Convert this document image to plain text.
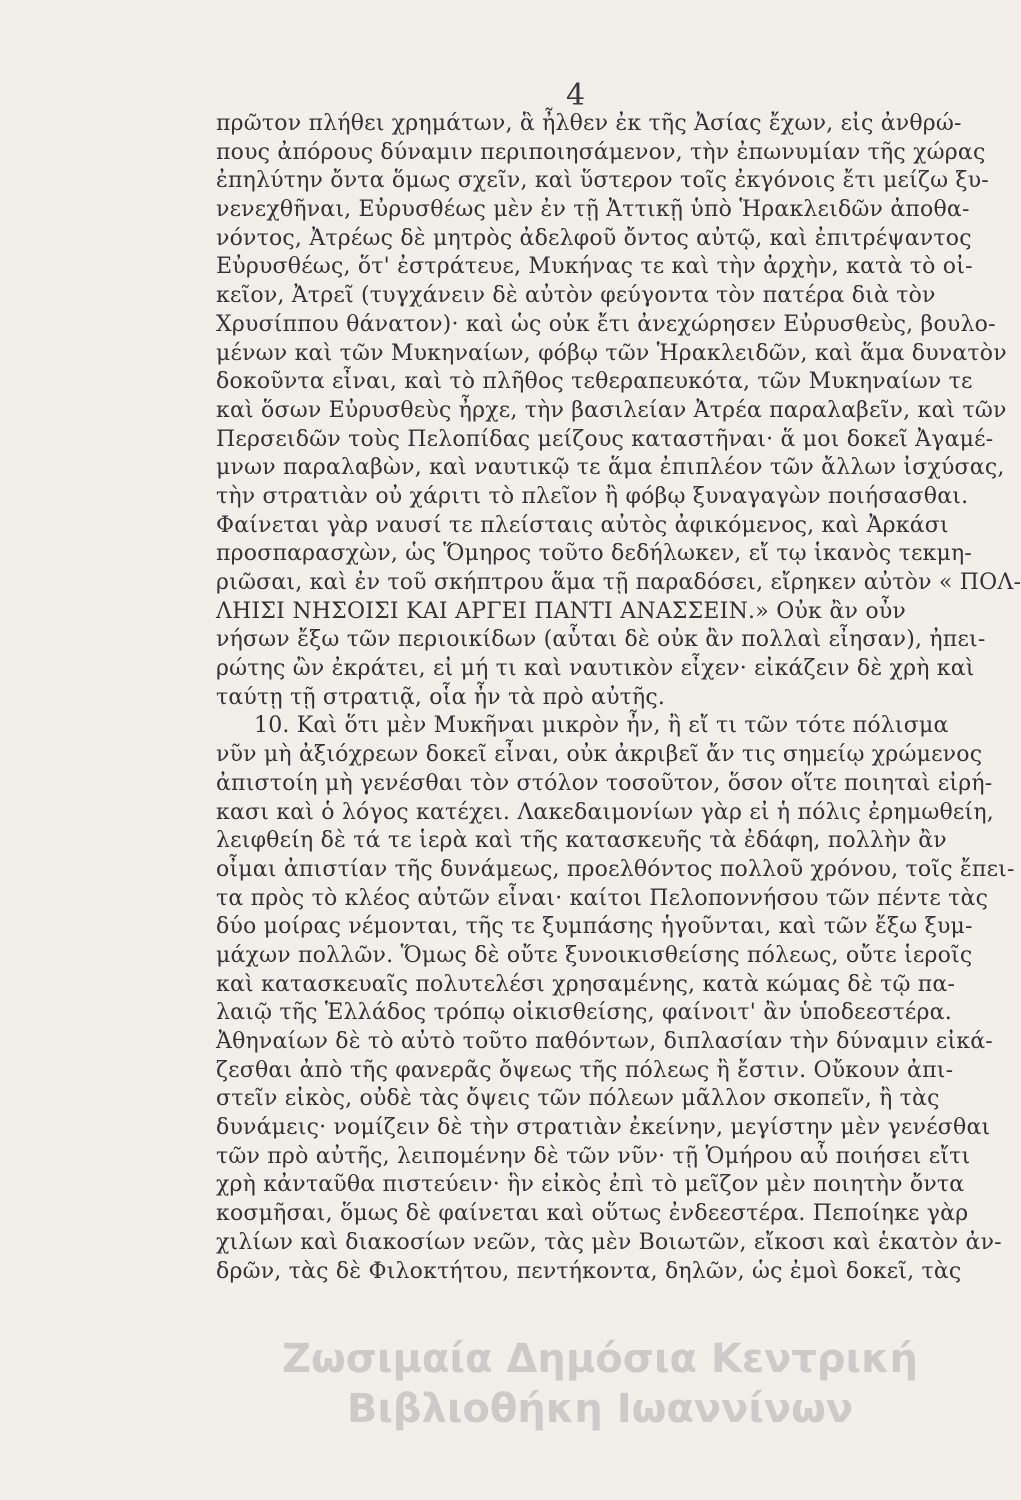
4
πρῶτον πλήθει χρημάτων, ἃ ἦλθεν ἐκ τῆς Ἀσίας ἔχων, εἰς ἀνθρώ-
πους ἀπόρους δύναμιν περιποιησάμενον, τὴν ἐπωνυμίαν τῆς χώρας
ἐπηλύτην ὄντα ὅμως σχεῖν, καὶ ὕστερον τοῖς ἐκγόνοις ἔτι μείζω ξυ-
νενεχθῆναι, Εὐρυσθέως μὲν ἐν τῇ Ἀττικῇ ὑπὸ Ἡρακλειδῶν ἀποθα-
νόντος, Ἀτρέως δὲ μητρὸς ἀδελφοῦ ὄντος αὐτῷ, καὶ ἐπιτρέψαντος
Εὐρυσθέως, ὅτ' ἐστράτευε, Μυκήνας τε καὶ τὴν ἀρχὴν, κατὰ τὸ οἰ-
κεῖον, Ἀτρεῖ (τυγχάνειν δὲ αὐτὸν φεύγοντα τὸν πατέρα διὰ τὸν
Χρυσίππου θάνατον)· καὶ ὡς οὐκ ἔτι ἀνεχώρησεν Εὐρυσθεὺς, βουλο-
μένων καὶ τῶν Μυκηναίων, φόβῳ τῶν Ἡρακλειδῶν, καὶ ἅμα δυνατὸν
δοκοῦντα εἶναι, καὶ τὸ πλῆθος τεθεραπευκότα, τῶν Μυκηναίων τε
καὶ ὅσων Εὐρυσθεὺς ἦρχε, τὴν βασιλείαν Ἀτρέα παραλαβεῖν, καὶ τῶν
Περσειδῶν τοὺς Πελοπίδας μείζους καταστῆναι· ἅ μοι δοκεῖ Ἀγαμέ-
μνων παραλαβὼν, καὶ ναυτικῷ τε ἅμα ἐπιπλέον τῶν ἄλλων ἰσχύσας,
τὴν στρατιὰν οὐ χάριτι τὸ πλεῖον ἢ φόβῳ ξυναγαγὼν ποιήσασθαι.
Φαίνεται γὰρ ναυσί τε πλείσταις αὐτὸς ἀφικόμενος, καὶ Ἀρκάσι
προσπαρασχὼν, ὡς Ὅμηρος τοῦτο δεδήλωκεν, εἴ τῳ ἱκανὸς τεκμη-
ριῶσαι, καὶ ἐν τοῦ σκήπτρου ἅμα τῇ παραδόσει, εἴρηκεν αὐτὸν « ΠΟΛ-
ΛΗΙΣΙ ΝΗΣΟΙΣΙ ΚΑΙ ΑΡΓΕΙ ΠΑΝΤΙ ΑΝΑΣΣΕΙΝ.» Οὐκ ἂν οὖν
νήσων ἔξω τῶν περιοικίδων (αὗται δὲ οὐκ ἂν πολλαὶ εἶησαν), ἠπει-
ρώτης ὢν ἐκράτει, εἰ μή τι καὶ ναυτικὸν εἶχεν· εἰκάζειν δὲ χρὴ καὶ
ταύτῃ τῇ στρατιᾷ, οἷα ἦν τὰ πρὸ αὐτῆς.
10. Καὶ ὅτι μὲν Μυκῆναι μικρὸν ἦν, ἢ εἴ τι τῶν τότε πόλισμα
νῦν μὴ ἀξιόχρεων δοκεῖ εἶναι, οὐκ ἀκριβεῖ ἄν τις σημείῳ χρώμενος
ἀπιστοίη μὴ γενέσθαι τὸν στόλον τοσοῦτον, ὅσον οἵτε ποιηταὶ εἰρή-
κασι καὶ ὁ λόγος κατέχει. Λακεδαιμονίων γὰρ εἰ ἡ πόλις ἐρημωθείη,
λειφθείη δὲ τά τε ἱερὰ καὶ τῆς κατασκευῆς τὰ ἐδάφη, πολλὴν ἂν
οἶμαι ἀπιστίαν τῆς δυνάμεως, προελθόντος πολλοῦ χρόνου, τοῖς ἔπει-
τα πρὸς τὸ κλέος αὐτῶν εἶναι· καίτοι Πελοποννήσου τῶν πέντε τὰς
δύο μοίρας νέμονται, τῆς τε ξυμπάσης ἡγοῦνται, καὶ τῶν ἔξω ξυμ-
μάχων πολλῶν. Ὅμως δὲ οὔτε ξυνοικισθείσης πόλεως, οὔτε ἱεροῖς
καὶ κατασκευαῖς πολυτελέσι χρησαμένης, κατὰ κώμας δὲ τῷ πα-
λαιῷ τῆς Ἑλλάδος τρόπῳ οἰκισθείσης, φαίνοιτ' ἂν ὑποδεεστέρα.
Ἀθηναίων δὲ τὸ αὐτὸ τοῦτο παθόντων, διπλασίαν τὴν δύναμιν εἰκά-
ζεσθαι ἀπὸ τῆς φανερᾶς ὄψεως τῆς πόλεως ἢ ἔστιν. Οὔκουν ἀπι-
στεῖν εἰκὸς, οὐδὲ τὰς ὄψεις τῶν πόλεων μᾶλλον σκοπεῖν, ἢ τὰς
δυνάμεις· νομίζειν δὲ τὴν στρατιὰν ἐκείνην, μεγίστην μὲν γενέσθαι
τῶν πρὸ αὐτῆς, λειπομένην δὲ τῶν νῦν· τῇ Ὁμήρου αὖ ποιήσει εἴτι
χρὴ κἀνταῦθα πιστεύειν· ἣν εἰκὸς ἐπὶ τὸ μεῖζον μὲν ποιητὴν ὄντα
κοσμῆσαι, ὅμως δὲ φαίνεται καὶ οὕτως ἐνδεεστέρα. Πεποίηκε γὰρ
χιλίων καὶ διακοσίων νεῶν, τὰς μὲν Βοιωτῶν, εἴκοσι καὶ ἑκατὸν ἀν-
δρῶν, τὰς δὲ Φιλοκτήτου, πεντήκοντα, δηλῶν, ὡς ἐμοὶ δοκεῖ, τὰς
Ζωσιμαία Δημόσια Κεντρική
Βιβλιοθήκη Ιωαννίνων
